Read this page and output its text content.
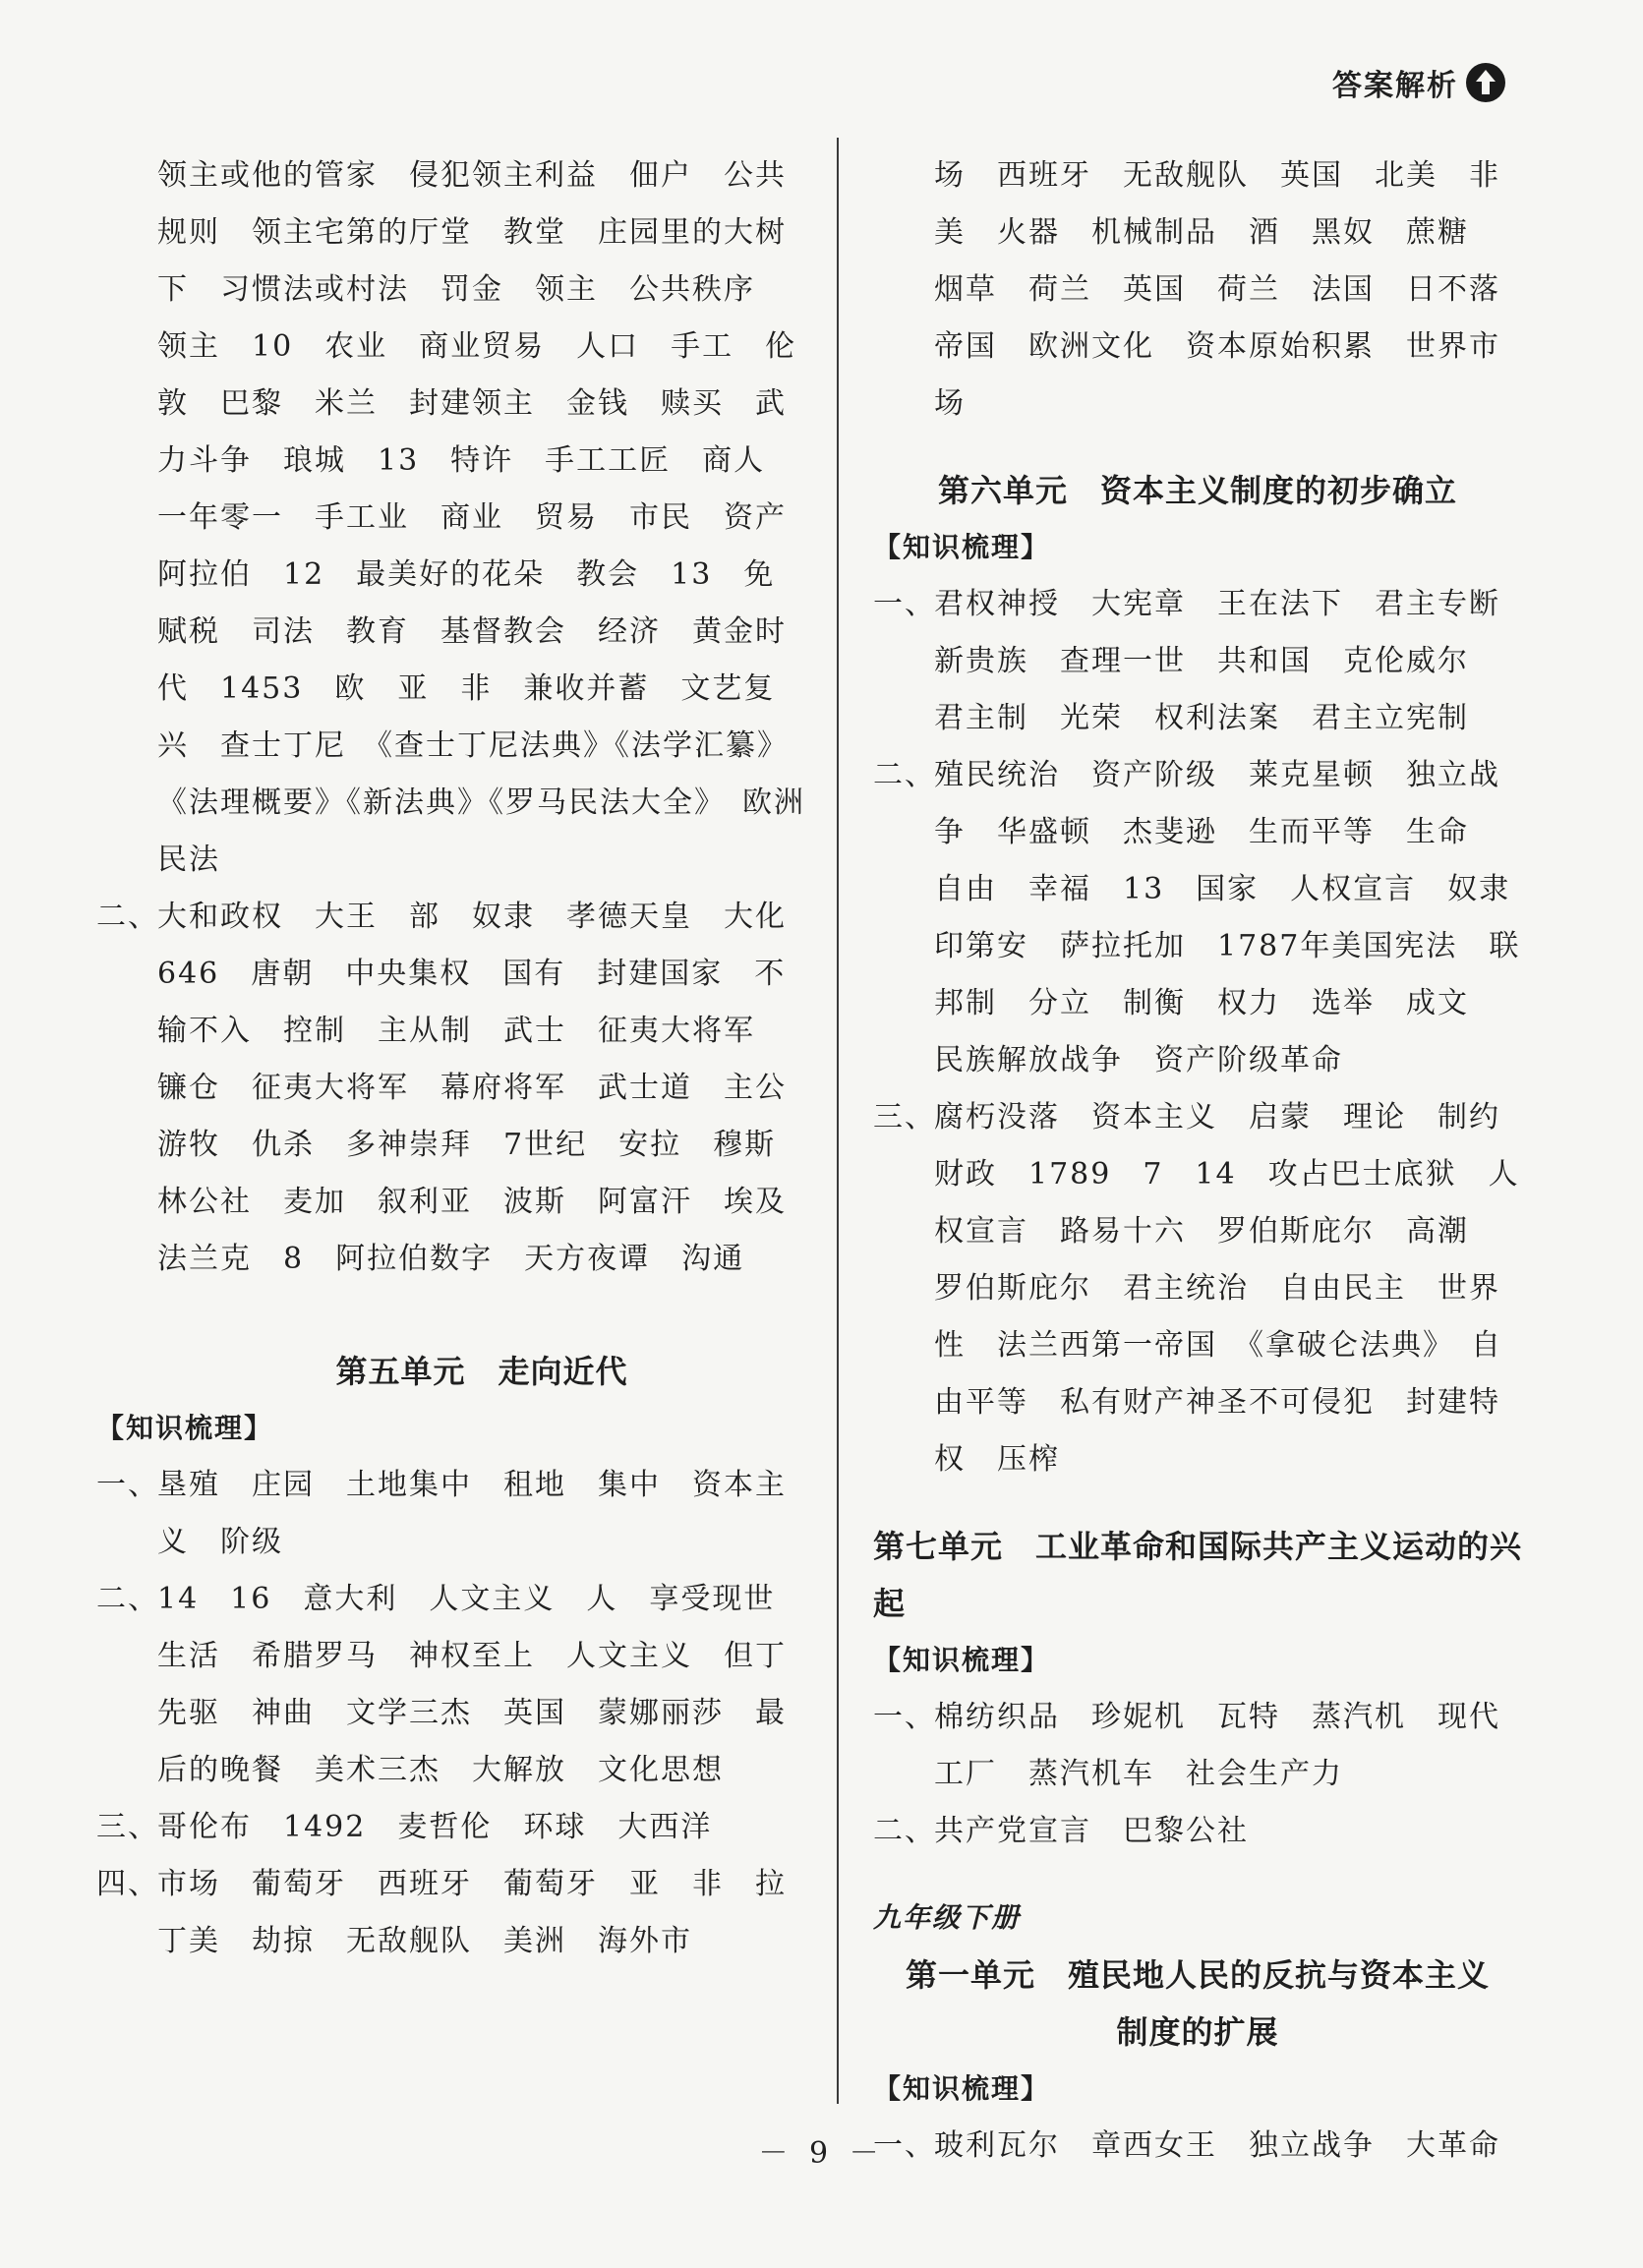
答案解析

领主或他的管家　侵犯领主利益　佃户　公共规则　领主宅第的厅堂　教堂　庄园里的大树下　习惯法或村法　罚金　领主　公共秩序　领主　10　农业　商业贸易　人口　手工　伦敦　巴黎　米兰　封建领主　金钱　赎买　武力斗争　琅城　13　特许　手工工匠　商人　一年零一　手工业　商业　贸易　市民　资产　阿拉伯　12　最美好的花朵　教会　13　免赋税　司法　教育　基督教会　经济　黄金时代　1453　欧　亚　非　兼收并蓄　文艺复兴　查士丁尼　《查士丁尼法典》《法学汇纂》《法理概要》《新法典》《罗马民法大全》　欧洲民法

二、大和政权　大王　部　奴隶　孝德天皇　大化　646　唐朝　中央集权　国有　封建国家　不输不入　控制　主从制　武士　征夷大将军　镰仓　征夷大将军　幕府将军　武士道　主公　游牧　仇杀　多神崇拜　7世纪　安拉　穆斯林公社　麦加　叙利亚　波斯　阿富汗　埃及　法兰克　8　阿拉伯数字　天方夜谭　沟通

第五单元　走向近代

【知识梳理】

一、垦殖　庄园　土地集中　租地　集中　资本主义　阶级

二、14　16　意大利　人文主义　人　享受现世生活　希腊罗马　神权至上　人文主义　但丁　先驱　神曲　文学三杰　英国　蒙娜丽莎　最后的晚餐　美术三杰　大解放　文化思想

三、哥伦布　1492　麦哲伦　环球　大西洋

四、市场　葡萄牙　西班牙　葡萄牙　亚　非　拉丁美　劫掠　无敌舰队　美洲　海外市

场　西班牙　无敌舰队　英国　北美　非美　火器　机械制品　酒　黑奴　蔗糖　烟草　荷兰　英国　荷兰　法国　日不落帝国　欧洲文化　资本原始积累　世界市场

第六单元　资本主义制度的初步确立

【知识梳理】

一、君权神授　大宪章　王在法下　君主专断　新贵族　查理一世　共和国　克伦威尔　君主制　光荣　权利法案　君主立宪制

二、殖民统治　资产阶级　莱克星顿　独立战争　华盛顿　杰斐逊　生而平等　生命　自由　幸福　13　国家　人权宣言　奴隶　印第安　萨拉托加　1787年美国宪法　联邦制　分立　制衡　权力　选举　成文　民族解放战争　资产阶级革命

三、腐朽没落　资本主义　启蒙　理论　制约财政　1789　7　14　攻占巴士底狱　人权宣言　路易十六　罗伯斯庇尔　高潮　罗伯斯庇尔　君主统治　自由民主　世界性　法兰西第一帝国　《拿破仑法典》　自由平等　私有财产神圣不可侵犯　封建特权　压榨

第七单元　工业革命和国际共产主义运动的兴起

【知识梳理】

一、棉纺织品　珍妮机　瓦特　蒸汽机　现代工厂　蒸汽机车　社会生产力

二、共产党宣言　巴黎公社

九年级下册

第一单元　殖民地人民的反抗与资本主义

制度的扩展

【知识梳理】

一、玻利瓦尔　章西女王　独立战争　大革命

－ 9 －
